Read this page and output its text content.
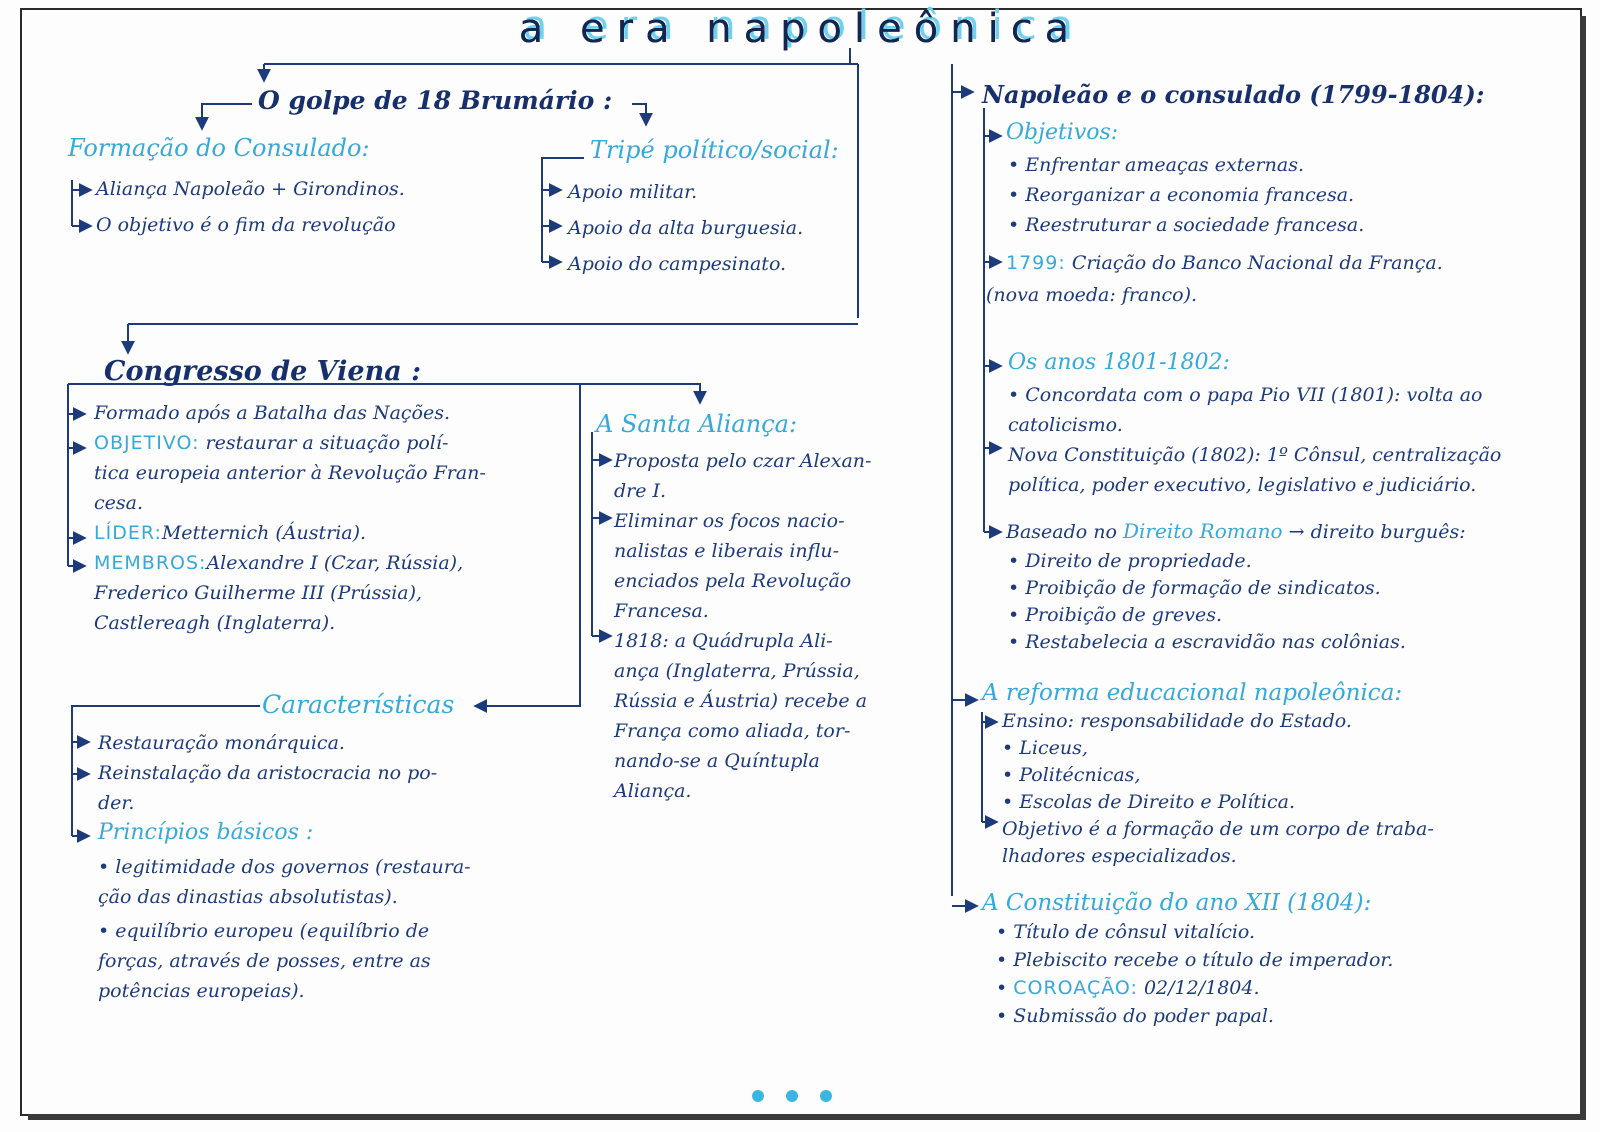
a era napoleônica
O golpe de 18 Brumário :
Formação do Consulado:

Aliança Napoleão + Girondinos.

O objetivo é o fim da revolução

Tripé político/social:

Apoio militar.

Apoio da alta burguesia.

Apoio do campesinato.

Congresso de Viena :

Formado após a Batalha das Nações.

OBJETIVO: restaurar a situação polí-

tica europeia anterior à Revolução Fran-

cesa.

LÍDER:Metternich (Áustria).

MEMBROS:Alexandre I (Czar, Rússia),

Frederico Guilherme III (Prússia),

Castlereagh (Inglaterra).

Características

Restauração monárquica.

Reinstalação da aristocracia no po-

der.

Princípios básicos :

• legitimidade dos governos (restaura-

ção das dinastias absolutistas).

• equilíbrio europeu (equilíbrio de

forças, através de posses, entre as

potências europeias).

A Santa Aliança:

Proposta pelo czar Alexan-

dre I.

Eliminar os focos nacio-

nalistas e liberais influ-

enciados pela Revolução

Francesa.

1818: a Quádrupla Ali-

ança (Inglaterra, Prússia,

Rússia e Áustria) recebe a

França como aliada, tor-

nando-se a Quíntupla

Aliança.

Napoleão e o consulado (1799-1804):
Objetivos:

• Enfrentar ameaças externas.

• Reorganizar a economia francesa.

• Reestruturar a sociedade francesa.

1799: Criação do Banco Nacional da França.

(nova moeda: franco).

Os anos 1801-1802:

• Concordata com o papa Pio VII (1801): volta ao

catolicismo.

Nova Constituição (1802): 1º Cônsul, centralização

política, poder executivo, legislativo e judiciário.

Baseado no Direito Romano → direito burguês:

• Direito de propriedade.

• Proibição de formação de sindicatos.

• Proibição de greves.

• Restabelecia a escravidão nas colônias.

A reforma educacional napoleônica:

Ensino: responsabilidade do Estado.

• Liceus,

• Politécnicas,

• Escolas de Direito e Política.

Objetivo é a formação de um corpo de traba-

lhadores especializados.

A Constituição do ano XII (1804):

• Título de cônsul vitalício.

• Plebiscito recebe o título de imperador.

• COROAÇÃO: 02/12/1804.

• Submissão do poder papal.
